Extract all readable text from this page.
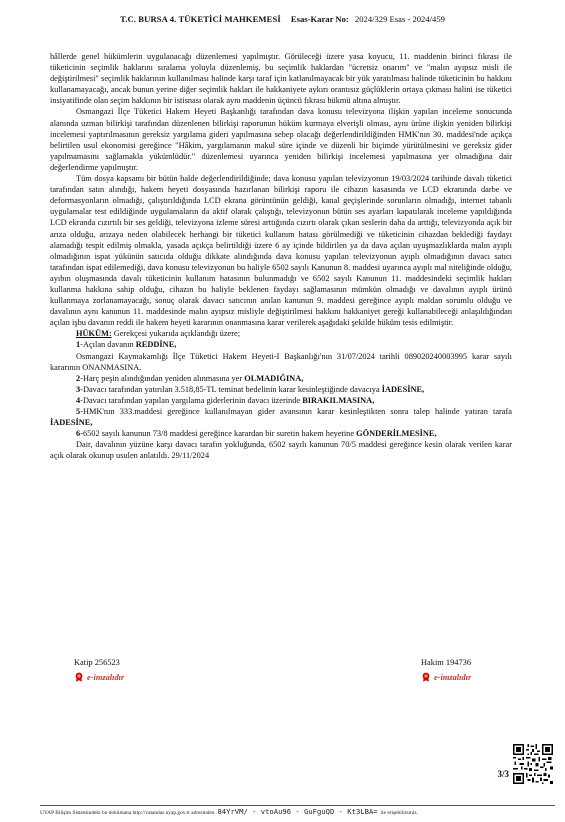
T.C. BURSA 4. TÜKETİCİ MAHKEMESİ Esas-Karar No: 2024/329 Esas - 2024/459

hâllerde genel hükümlerin uygulanacağı düzenlemesi yapılmıştır. Görüleceği üzere yasa koyucu, 11. maddenin birinci fıkrası ile tüketicinin seçimlik haklarını sıralama yoluyla düzenlemiş, bu seçimlik haklardan "ücretsiz onarım" ve "malın ayıpsız misli ile değiştirilmesi" seçimlik haklarının kullanılması halinde karşı taraf için katlanılmayacak bir yük yaratılması halinde tüketicinin bu hakkını kullanamayacağı, ancak bunun yerine diğer seçimlik hakları ile hakkaniyete aykırı orantısız güçlüklerin ortaya çıkması halini ise tüketici insiyatifinde olan seçim hakkının bir istisnası olarak aynı maddenin üçüncü fıkrası hükmü altına almıştır.

Osmangazi İlçe Tüketici Hakem Heyeti Başkanlığı tarafından dava konusu televizyona ilişkin yapılan inceleme sonucunda alanında uzman bilirkişi tarafından düzenlenen bilirkişi raporunun hüküm kurmaya elverişli olması, aynı ürüne ilişkin yeniden bilirkişi incelemesi yaptırılmasının gereksiz yargılama gideri yapılmasına sebep olacağı değerlendirildiğinden HMK'nın 30. maddesi'nde açıkça belirtilen usul ekonomisi gereğince "Hâkim, yargılamanın makul süre içinde ve düzenli bir biçimde yürütülmesini ve gereksiz gider yapılmamasını sağlamakla yükümlüdür." düzenlemesi uyarınca yeniden bilirkişi incelemesi yapılmasına yer olmadığına dair değerlendirme yapılmıştır.

Tüm dosya kapsamı bir bütün halde değerlendirildiğinde; dava konusu yapılan televizyonun 19/03/2024 tarihinde davalı tüketici tarafından satın alındığı, hakem heyeti dosyasında hazırlanan bilirkişi raporu ile cihazın kasasında ve LCD ekranında darbe ve deformasyonların olmadığı, çalıştırıldığında LCD ekrana görüntünün geldiği, kanal geçişlerinde sorunların olmadığı, internet tabanlı uygulamalar test edildiğinde uygulamaların da aktif olarak çalıştığı, televizyonun bütün ses ayarları kapatılarak inceleme yapıldığında LCD ekranda cızırtılı bir ses geldiği, televizyona izleme süresi arttığında cızırtı olarak çıkan seslerin daha da arttığı, televizyonda açık bir arıza olduğu, arızaya neden olabilecek herhangi bir tüketici kullanım hatası görülmediği ve tüketicinin cihazdan beklediği faydayı alamadığı tespit edilmiş olmakla, yasada açıkça belirtildiği üzere 6 ay içinde bildirilen ya da dava açılan uyuşmazlıklarda malın ayıplı olmadığının ispat yükünün satıcıda olduğu dikkate alındığında dava konusu yapılan televizyonun ayıplı olmadığının davacı satıcı tarafından ispat edilemediği, dava konusu televizyonun bu haliyle 6502 sayılı Kanunun 8. maddesi uyarınca ayıplı mal niteliğinde olduğu, ayıbın oluşmasında davalı tüketicinin kullanım hatasının bulunmadığı ve 6502 sayılı Kanunun 11. maddesindeki seçimlik hakları kullanma hakkına sahip olduğu, cihazın bu haliyle beklenen faydayı sağlamasının mümkün olmadığı ve davalının ayıplı ürünü kullanmaya zorlanamayacağı, sonuç olarak davacı satıcının anılan kanunun 9. maddesi gereğince ayıplı maldan sorumlu olduğu ve davalının aynı kanunun 11. maddesinde malın ayıpsız misliyle değiştirilmesi hakkını hakkaniyet gereği kullanabileceği anlaşıldığından açılan işbu davanın reddi ile hakem heyeti kararının onanmasına karar verilerek aşağıdaki şekilde hüküm tesis edilmiştir.

HÜKÜM: Gerekçesi yukarıda açıklandığı üzere;

1-Açılan davanın REDDİNE,

Osmangazi Kaymakamlığı İlçe Tüketici Hakem Heyeti-I Başkanlığı'nın 31/07/2024 tarihli 089020240003995 karar sayılı kararının ONANMASINA.

2-Harç peşin alındığından yeniden alınmasına yer OLMADIĞINA,

3-Davacı tarafından yatırılan 3.518,85-TL teminat bedelinin karar kesinleştiğinde davacıya İADESİNE,

4-Davacı tarafından yapılan yargılama giderlerinin davacı üzerinde BIRAKILMASINA,

5-HMK'nın 333.maddesi gereğince kullanılmayan gider avansının karar kesinleştikten sonra talep halinde yatıran tarafa İADESİNE,

6-6502 sayılı kanunun 73/8 maddesi gereğince karardan bir suretin hakem heyetine GÖNDERİLMESİNE,

Dair, davalının yüzüne karşı davacı tarafın yokluğunda, 6502 sayılı kanunun 70/5 maddesi gereğince kesin olarak verilen karar açık olarak okunup usulen anlatıldı. 29/11/2024

Katip 256523
e-imzalıdır
Hakim 194736
e-imzalıdır
3/3
UYAP Bilişim Sistemindeki bu dokümana http://vatandas.uyap.gov.tr adresinden 84YrVM/ - vtoAu96 - GuFguQD - Kt3LBA= ile erişebilirsiniz.
